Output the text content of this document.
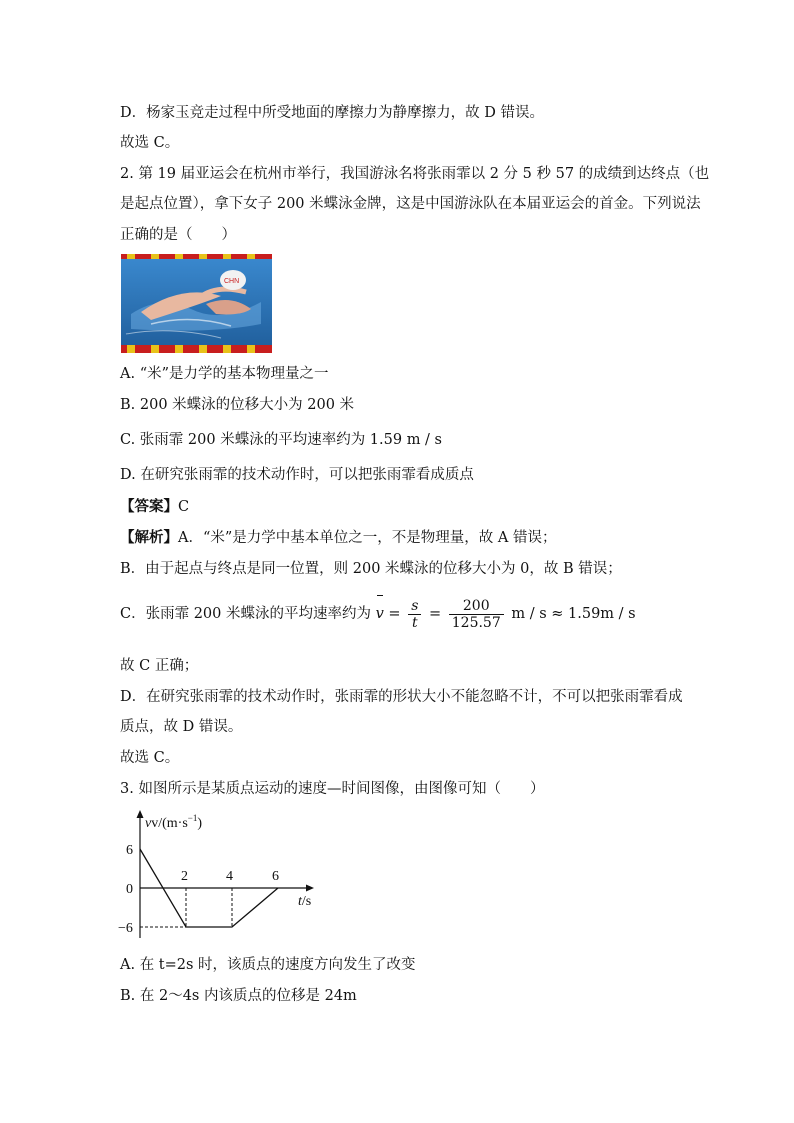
D．杨家玉竞走过程中所受地面的摩擦力为静摩擦力，故 D 错误。
故选 C。
2. 第 19 届亚运会在杭州市举行，我国游泳名将张雨霏以 2 分 5 秒 57 的成绩到达终点（也
是起点位置），拿下女子 200 米蝶泳金牌，这是中国游泳队在本届亚运会的首金。下列说法
正确的是（　　）
CHN
A. “米”是力学的基本物理量之一
B. 200 米蝶泳的位移大小为 200 米
C. 张雨霏 200 米蝶泳的平均速率约为 1.59 m / s
D. 在研究张雨霏的技术动作时，可以把张雨霏看成质点
【答案】C
【解析】A．“米”是力学中基本单位之一，不是物理量，故 A 错误；
B．由于起点与终点是同一位置，则 200 米蝶泳的位移大小为 0，故 B 错误；
C．张雨霏 200 米蝶泳的平均速率约为 $v = \frac{s}{t} = \frac{200}{125.57}$ m / s ≈ 1.59m / s
故 C 正确；
D．在研究张雨霏的技术动作时，张雨霏的形状大小不能忽略不计，不可以把张雨霏看成
质点，故 D 错误。
故选 C。
3. 如图所示是某质点运动的速度—时间图像，由图像可知（　　）
$vv/(m\cdot s^{-1})$
t/s
6
0
−6
2	4	6
A. 在 t=2s 时，该质点的速度方向发生了改变
B. 在 2～4s 内该质点的位移是 24m
